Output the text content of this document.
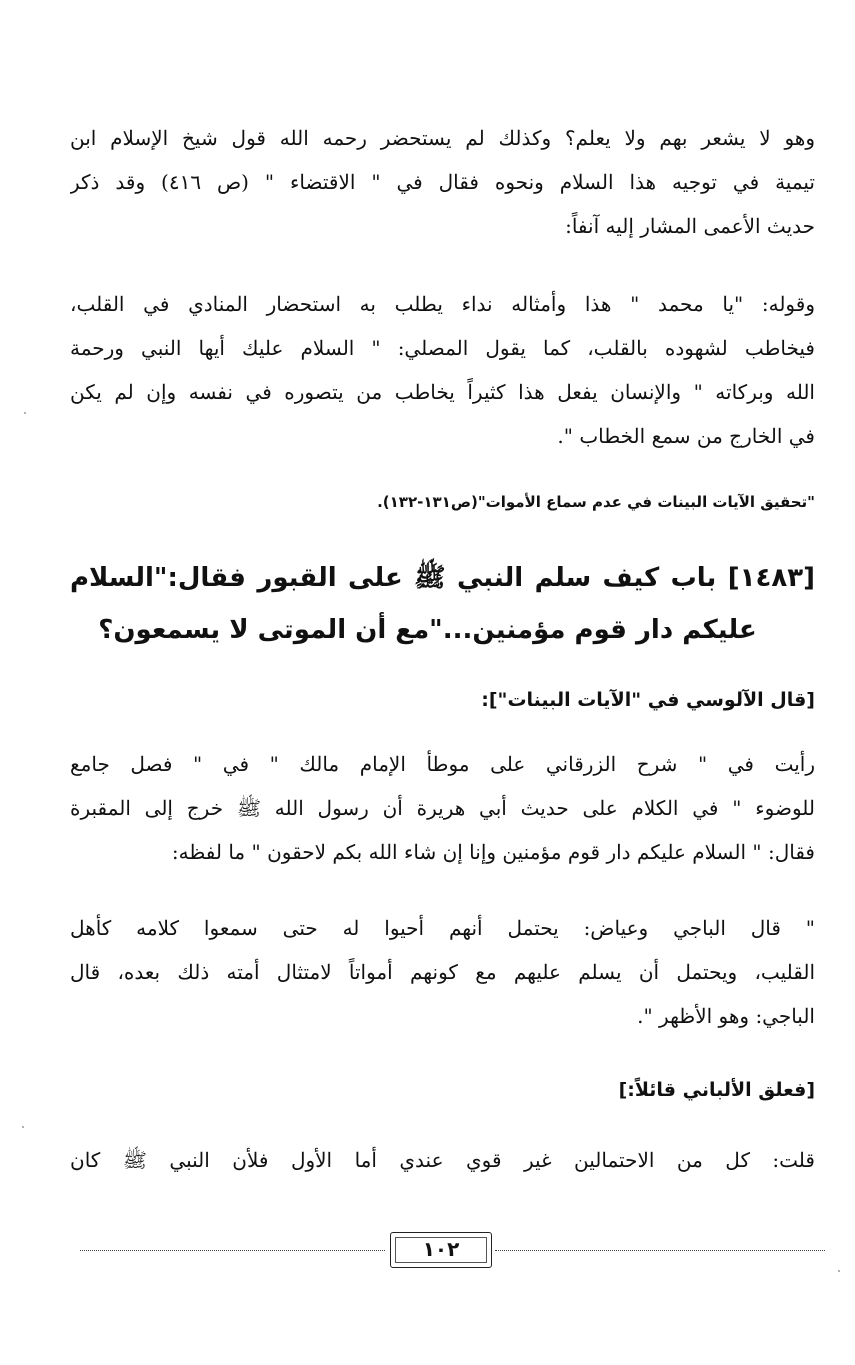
وهو لا يشعر بهم ولا يعلم؟ وكذلك لم يستحضر رحمه الله قول شيخ الإسلام ابن
تيمية في توجيه هذا السلام ونحوه فقال في " الاقتضاء " (ص ٤١٦) وقد ذكر
حديث الأعمى المشار إليه آنفاً:
وقوله: "يا محمد " هذا وأمثاله نداء يطلب به استحضار المنادي في القلب،
فيخاطب لشهوده بالقلب، كما يقول المصلي: " السلام عليك أيها النبي ورحمة
الله وبركاته " والإنسان يفعل هذا كثيراً يخاطب من يتصوره في نفسه وإن لم يكن
في الخارج من سمع الخطاب ".
"تحقيق الآيات البينات في عدم سماع الأموات"(ص١٣١-١٣٢).
[١٤٨٣] باب كيف سلم النبي ﷺ على القبور فقال:"السلام
عليكم دار قوم مؤمنين..."مع أن الموتى لا يسمعون؟
[قال الآلوسي في "الآيات البينات"]:
رأيت في " شرح الزرقاني على موطأ الإمام مالك " في " فصل جامع
للوضوء " في الكلام على حديث أبي هريرة أن رسول الله ﷺ خرج إلى المقبرة
فقال: " السلام عليكم دار قوم مؤمنين وإنا إن شاء الله بكم لاحقون " ما لفظه:
" قال الباجي وعياض: يحتمل أنهم أحيوا له حتى سمعوا كلامه كأهل
القليب، ويحتمل أن يسلم عليهم مع كونهم أمواتاً لامتثال أمته ذلك بعده، قال
الباجي: وهو الأظهر ".
[فعلق الألباني قائلاً:]
قلت: كل من الاحتمالين غير قوي عندي أما الأول فلأن النبي ﷺ كان
١٠٢
